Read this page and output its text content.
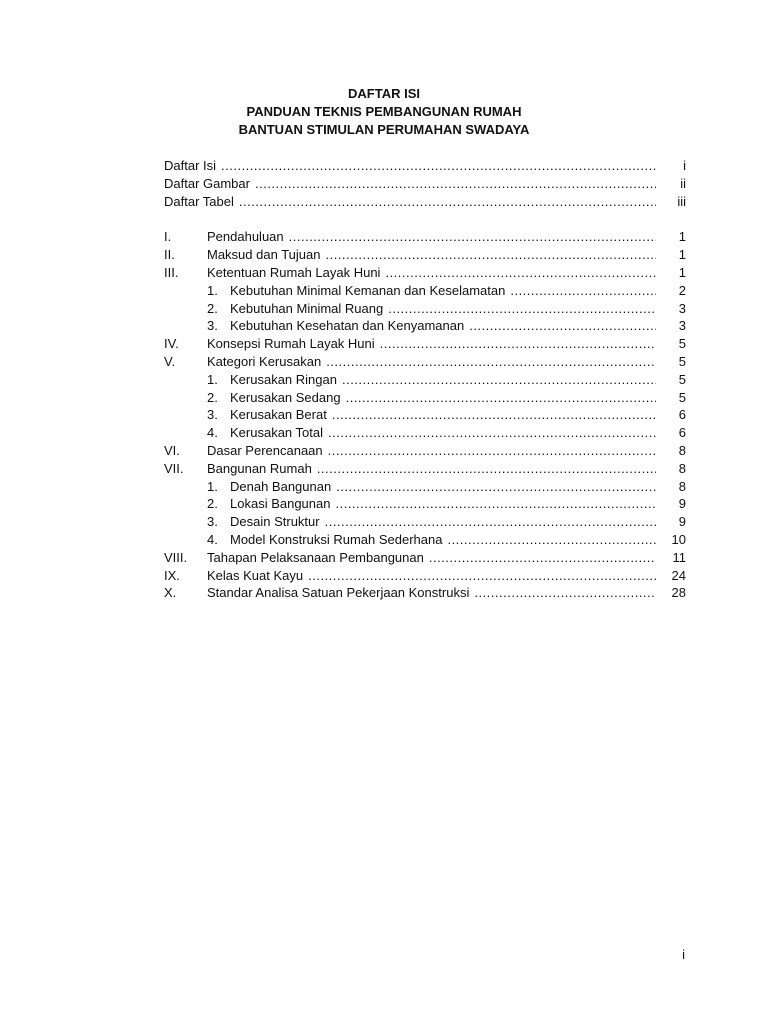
DAFTAR ISI
PANDUAN TEKNIS PEMBANGUNAN RUMAH
BANTUAN STIMULAN PERUMAHAN SWADAYA
Daftar Isi .....	i
Daftar Gambar .....	ii
Daftar Tabel .....	iii
I.	Pendahuluan .....	1
II. Maksud dan Tujuan .....	1
III. Ketentuan Rumah Layak Huni .....	1
1. Kebutuhan Minimal Kemanan dan Keselamatan .....	2
2. Kebutuhan Minimal Ruang .....	3
3. Kebutuhan Kesehatan dan Kenyamanan .....	3
IV. Konsepsi Rumah Layak Huni .....	5
V. Kategori Kerusakan .....	5
1. Kerusakan Ringan .....	5
2. Kerusakan Sedang .....	5
3. Kerusakan Berat .....	6
4. Kerusakan Total .....	6
VI. Dasar Perencanaan .....	8
VII. Bangunan Rumah .....	8
1. Denah Bangunan .....	8
2. Lokasi Bangunan .....	9
3. Desain Struktur .....	9
4. Model Konstruksi Rumah Sederhana .....	10
VIII. Tahapan Pelaksanaan Pembangunan .....	11
IX. Kelas Kuat Kayu .....	24
X. Standar Analisa Satuan Pekerjaan Konstruksi .....	28
i
